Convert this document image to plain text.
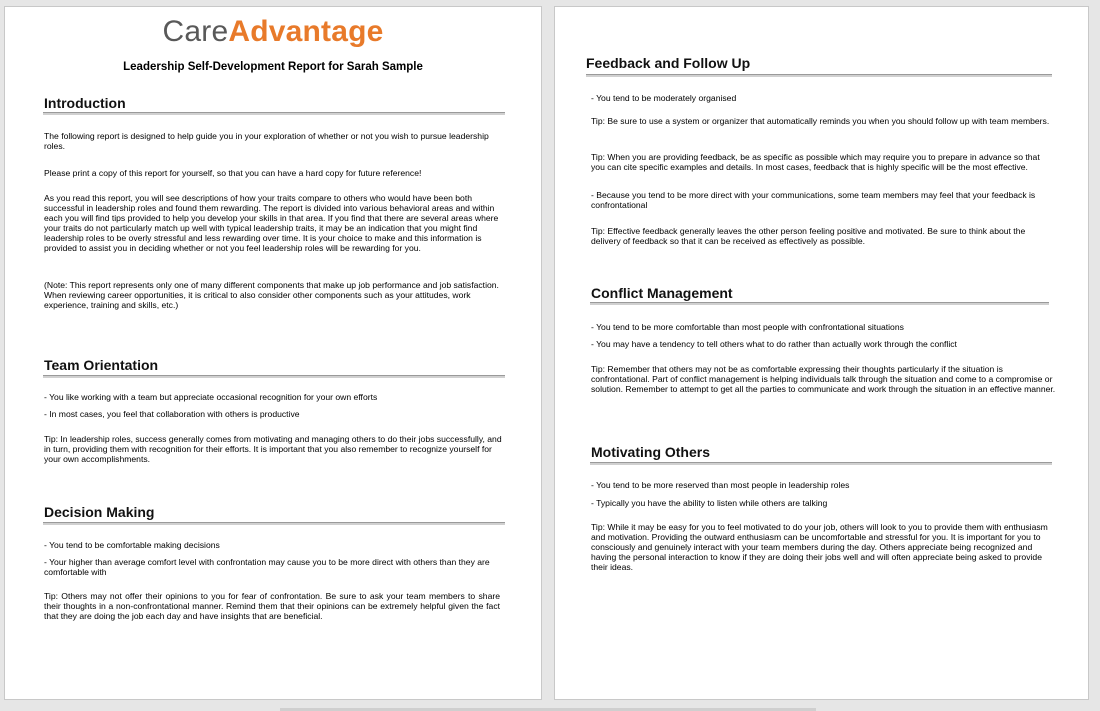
CareAdvantage
Leadership Self-Development Report for Sarah Sample
Introduction
The following report is designed to help guide you in your exploration of whether or not you wish to pursue leadership roles.
Please print a copy of this report for yourself, so that you can have a hard copy for future reference!
As you read this report, you will see descriptions of how your traits compare to others who would have been both successful in leadership roles and found them rewarding. The report is divided into various behavioral areas and within each you will find tips provided to help you develop your skills in that area. If you find that there are several areas where your traits do not particularly match up well with typical leadership traits, it may be an indication that you might find leadership roles to be overly stressful and less rewarding over time. It is your choice to make and this information is provided to assist you in deciding whether or not you feel leadership roles will be rewarding for you.
(Note: This report represents only one of many different components that make up job performance and job satisfaction. When reviewing career opportunities, it is critical to also consider other components such as your attitudes, work experience, training and skills, etc.)
Team Orientation
- You like working with a team but appreciate occasional recognition for your own efforts
- In most cases, you feel that collaboration with others is productive
Tip: In leadership roles, success generally comes from motivating and managing others to do their jobs successfully, and in turn, providing them with recognition for their efforts. It is important that you also remember to recognize yourself for your own accomplishments.
Decision Making
- You tend to be comfortable making decisions
- Your higher than average comfort level with confrontation may cause you to be more direct with others than they are comfortable with
Tip: Others may not offer their opinions to you for fear of confrontation. Be sure to ask your team members to share their thoughts in a non-confrontational manner. Remind them that their opinions can be extremely helpful given the fact that they are doing the job each day and have insights that are beneficial.
Feedback and Follow Up
- You tend to be moderately organised
Tip: Be sure to use a system or organizer that automatically reminds you when you should follow up with team members.
Tip: When you are providing feedback, be as specific as possible which may require you to prepare in advance so that you can cite specific examples and details. In most cases, feedback that is highly specific will be the most effective.
- Because you tend to be more direct with your communications, some team members may feel that your feedback is confrontational
Tip: Effective feedback generally leaves the other person feeling positive and motivated. Be sure to think about the delivery of feedback so that it can be received as effectively as possible.
Conflict Management
- You tend to be more comfortable than most people with confrontational situations
- You may have a tendency to tell others what to do rather than actually work through the conflict
Tip: Remember that others may not be as comfortable expressing their thoughts particularly if the situation is confrontational. Part of conflict management is helping individuals talk through the situation and come to a compromise or solution. Remember to attempt to get all the parties to communicate and work through the situation in an effective manner.
Motivating Others
- You tend to be more reserved than most people in leadership roles
- Typically you have the ability to listen while others are talking
Tip: While it may be easy for you to feel motivated to do your job, others will look to you to provide them with enthusiasm and motivation. Providing the outward enthusiasm can be uncomfortable and stressful for you. It is important for you to consciously and genuinely interact with your team members during the day. Others appreciate being recognized and having the personal interaction to know if they are doing their jobs well and will often appreciate being asked to provide their ideas.
